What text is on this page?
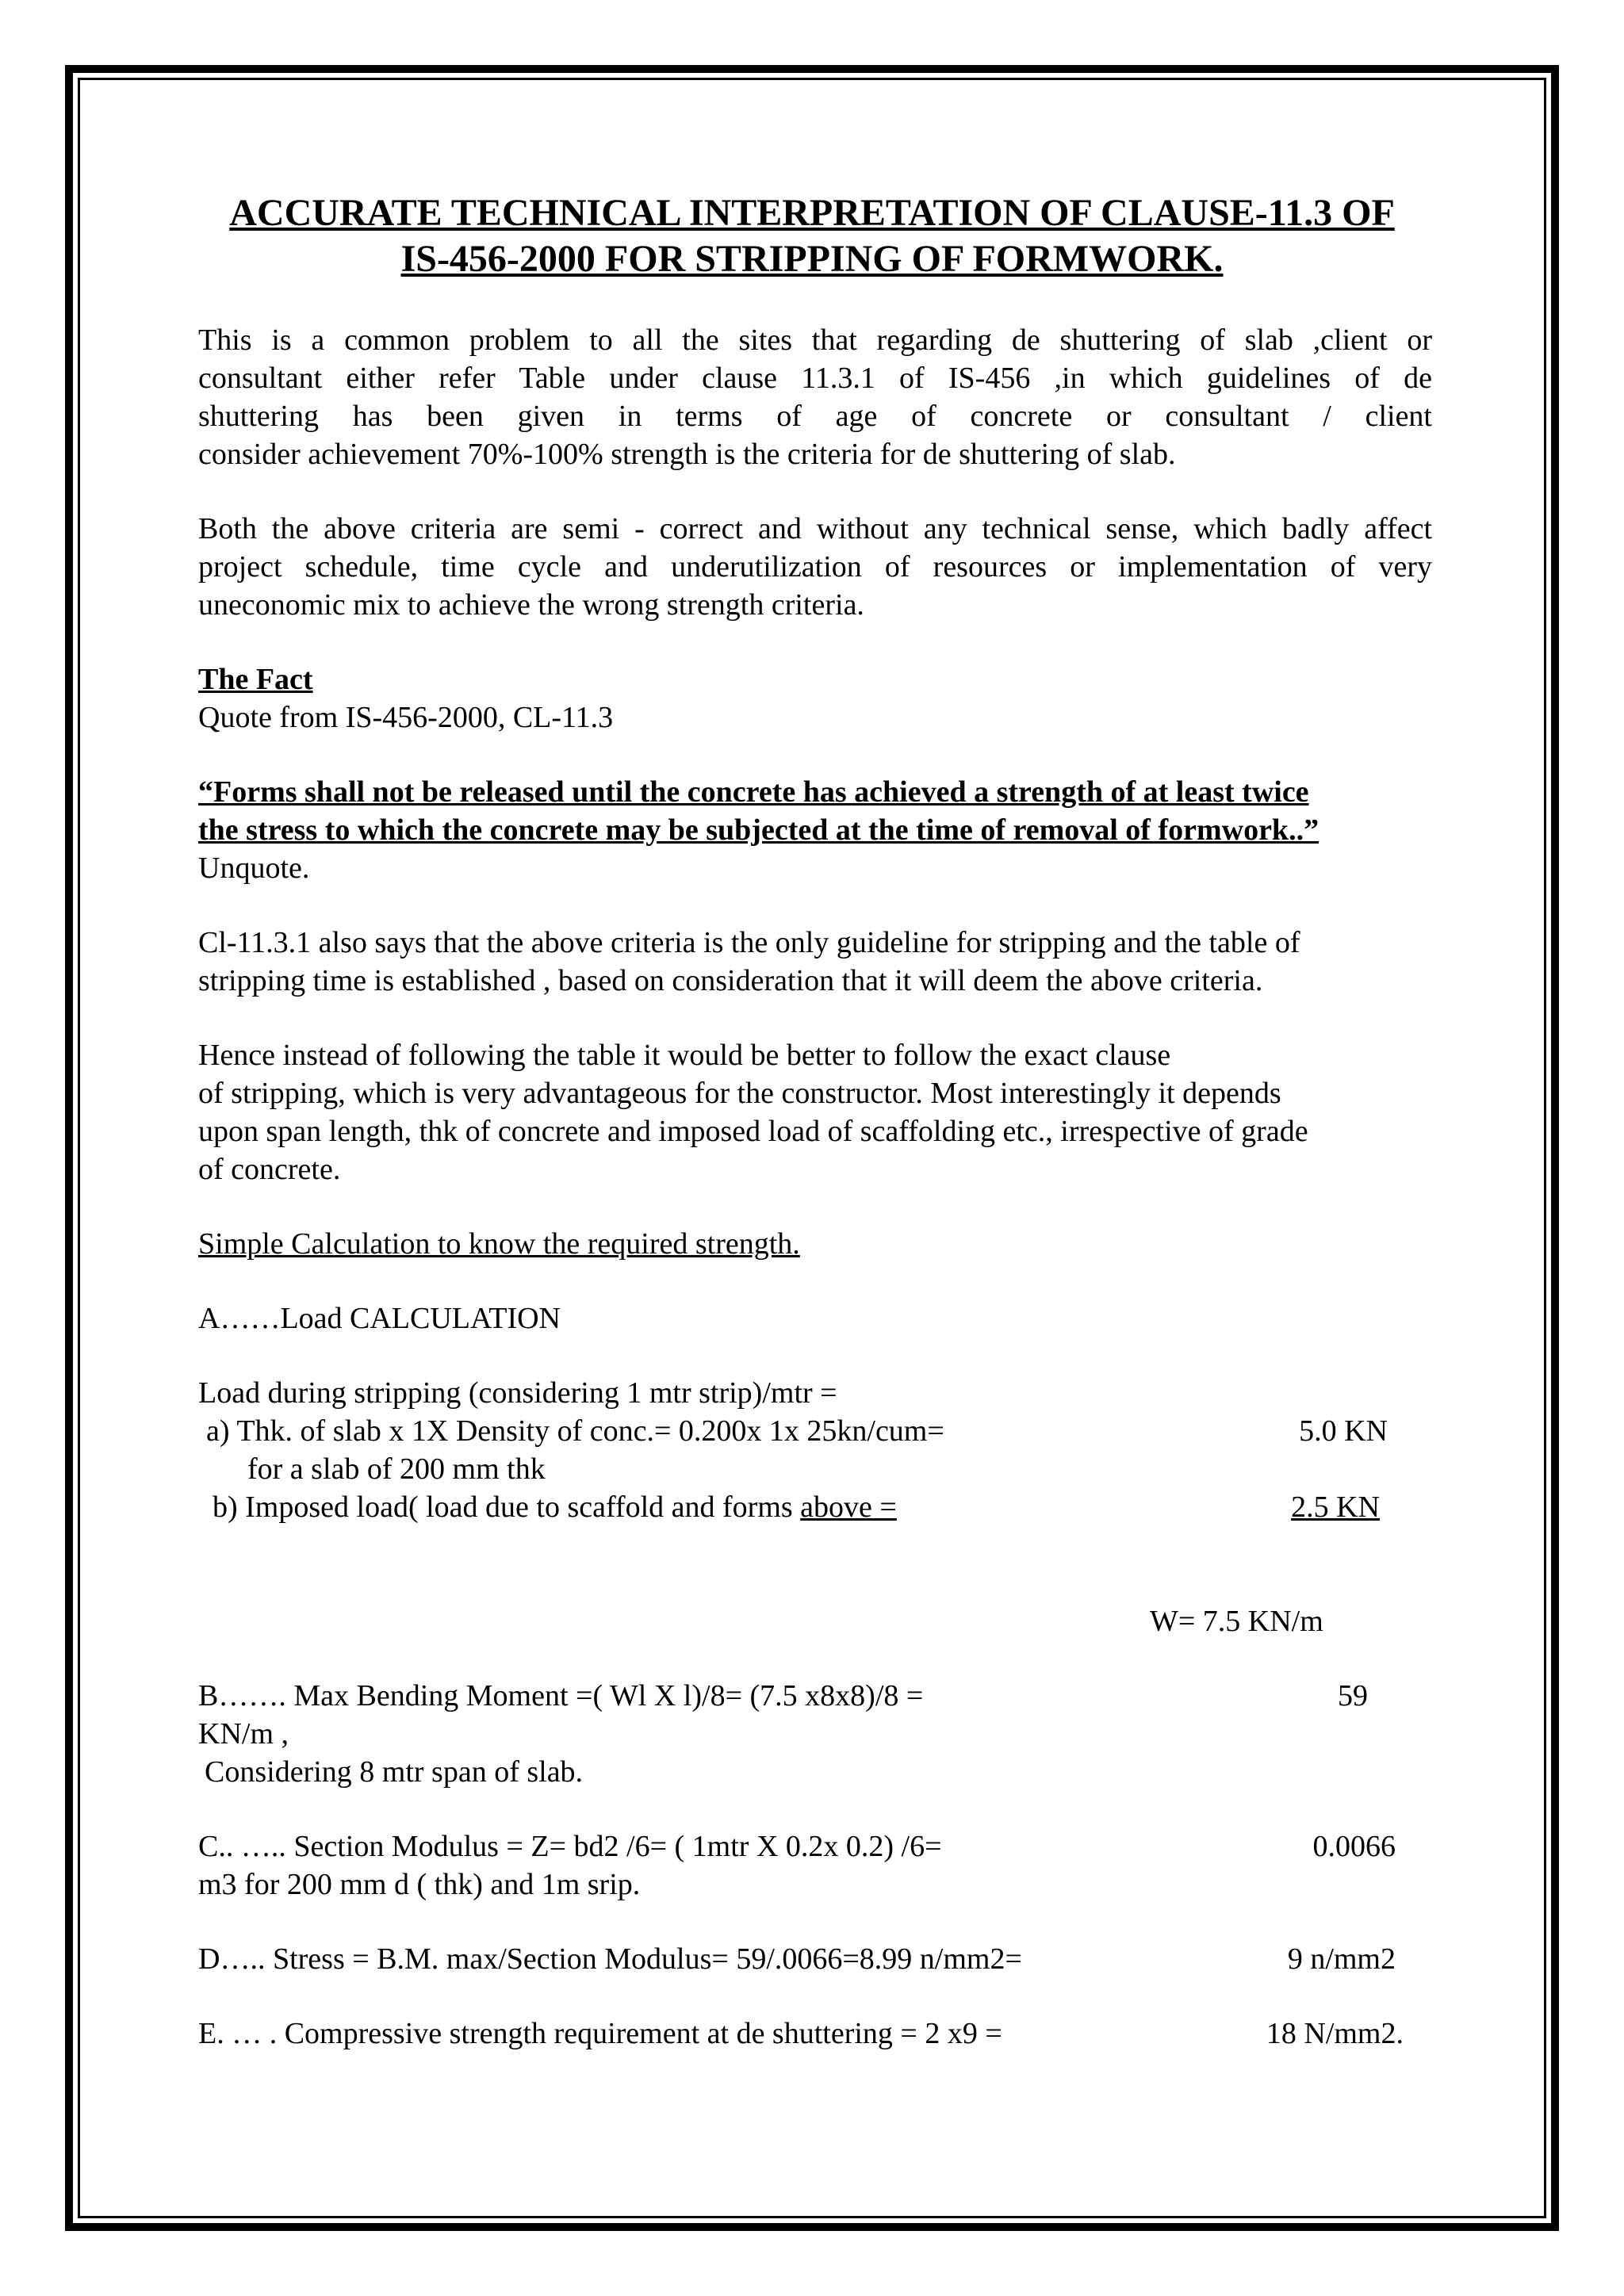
ACCURATE TECHNICAL INTERPRETATION OF CLAUSE-11.3 OF
IS-456-2000 FOR STRIPPING OF FORMWORK.
This is a common problem to all the sites that regarding de shuttering of slab ,client or
consultant either refer Table under clause 11.3.1 of IS-456 ,in which guidelines of de
shuttering has been given in terms of age of concrete or consultant / client
consider achievement 70%-100% strength is the criteria for de shuttering of slab.
Both the above criteria are semi - correct and without any technical sense, which badly affect
project schedule, time cycle and underutilization of resources or implementation of very
uneconomic mix to achieve the wrong strength criteria.
The Fact
Quote from IS-456-2000, CL-11.3
“Forms shall not be released until the concrete has achieved a strength of at least twice
the stress to which the concrete may be subjected at the time of removal of formwork..”
Unquote.
Cl-11.3.1 also says that the above criteria is the only guideline for stripping and the table of
stripping time is established , based on consideration that it will deem the above criteria.
Hence instead of following the table it would be better to follow the exact clause
of stripping, which is very advantageous for the constructor. Most interestingly it depends
upon span length, thk of concrete and imposed load of scaffolding etc., irrespective of grade
of concrete.
Simple Calculation to know the required strength.
A……Load CALCULATION
Load during stripping (considering 1 mtr strip)/mtr =
a) Thk. of slab x 1X Density of conc.= 0.200x 1x 25kn/cum=	5.0 KN
for a slab of 200 mm thk
b) Imposed load( load due to scaffold and forms above =	2.5 KN
W= 7.5 KN/m
B……. Max Bending Moment =( Wl X l)/8= (7.5 x8x8)/8 =	59
KN/m ,
Considering 8 mtr span of slab.
C.. ….. Section Modulus = Z= bd2 /6= ( 1mtr X 0.2x 0.2) /6=	0.0066
m3 for 200 mm d ( thk) and 1m srip.
D….. Stress = B.M. max/Section Modulus= 59/.0066=8.99 n/mm2=	9 n/mm2
E. … . Compressive strength requirement at de shuttering = 2 x9 =	18 N/mm2.
